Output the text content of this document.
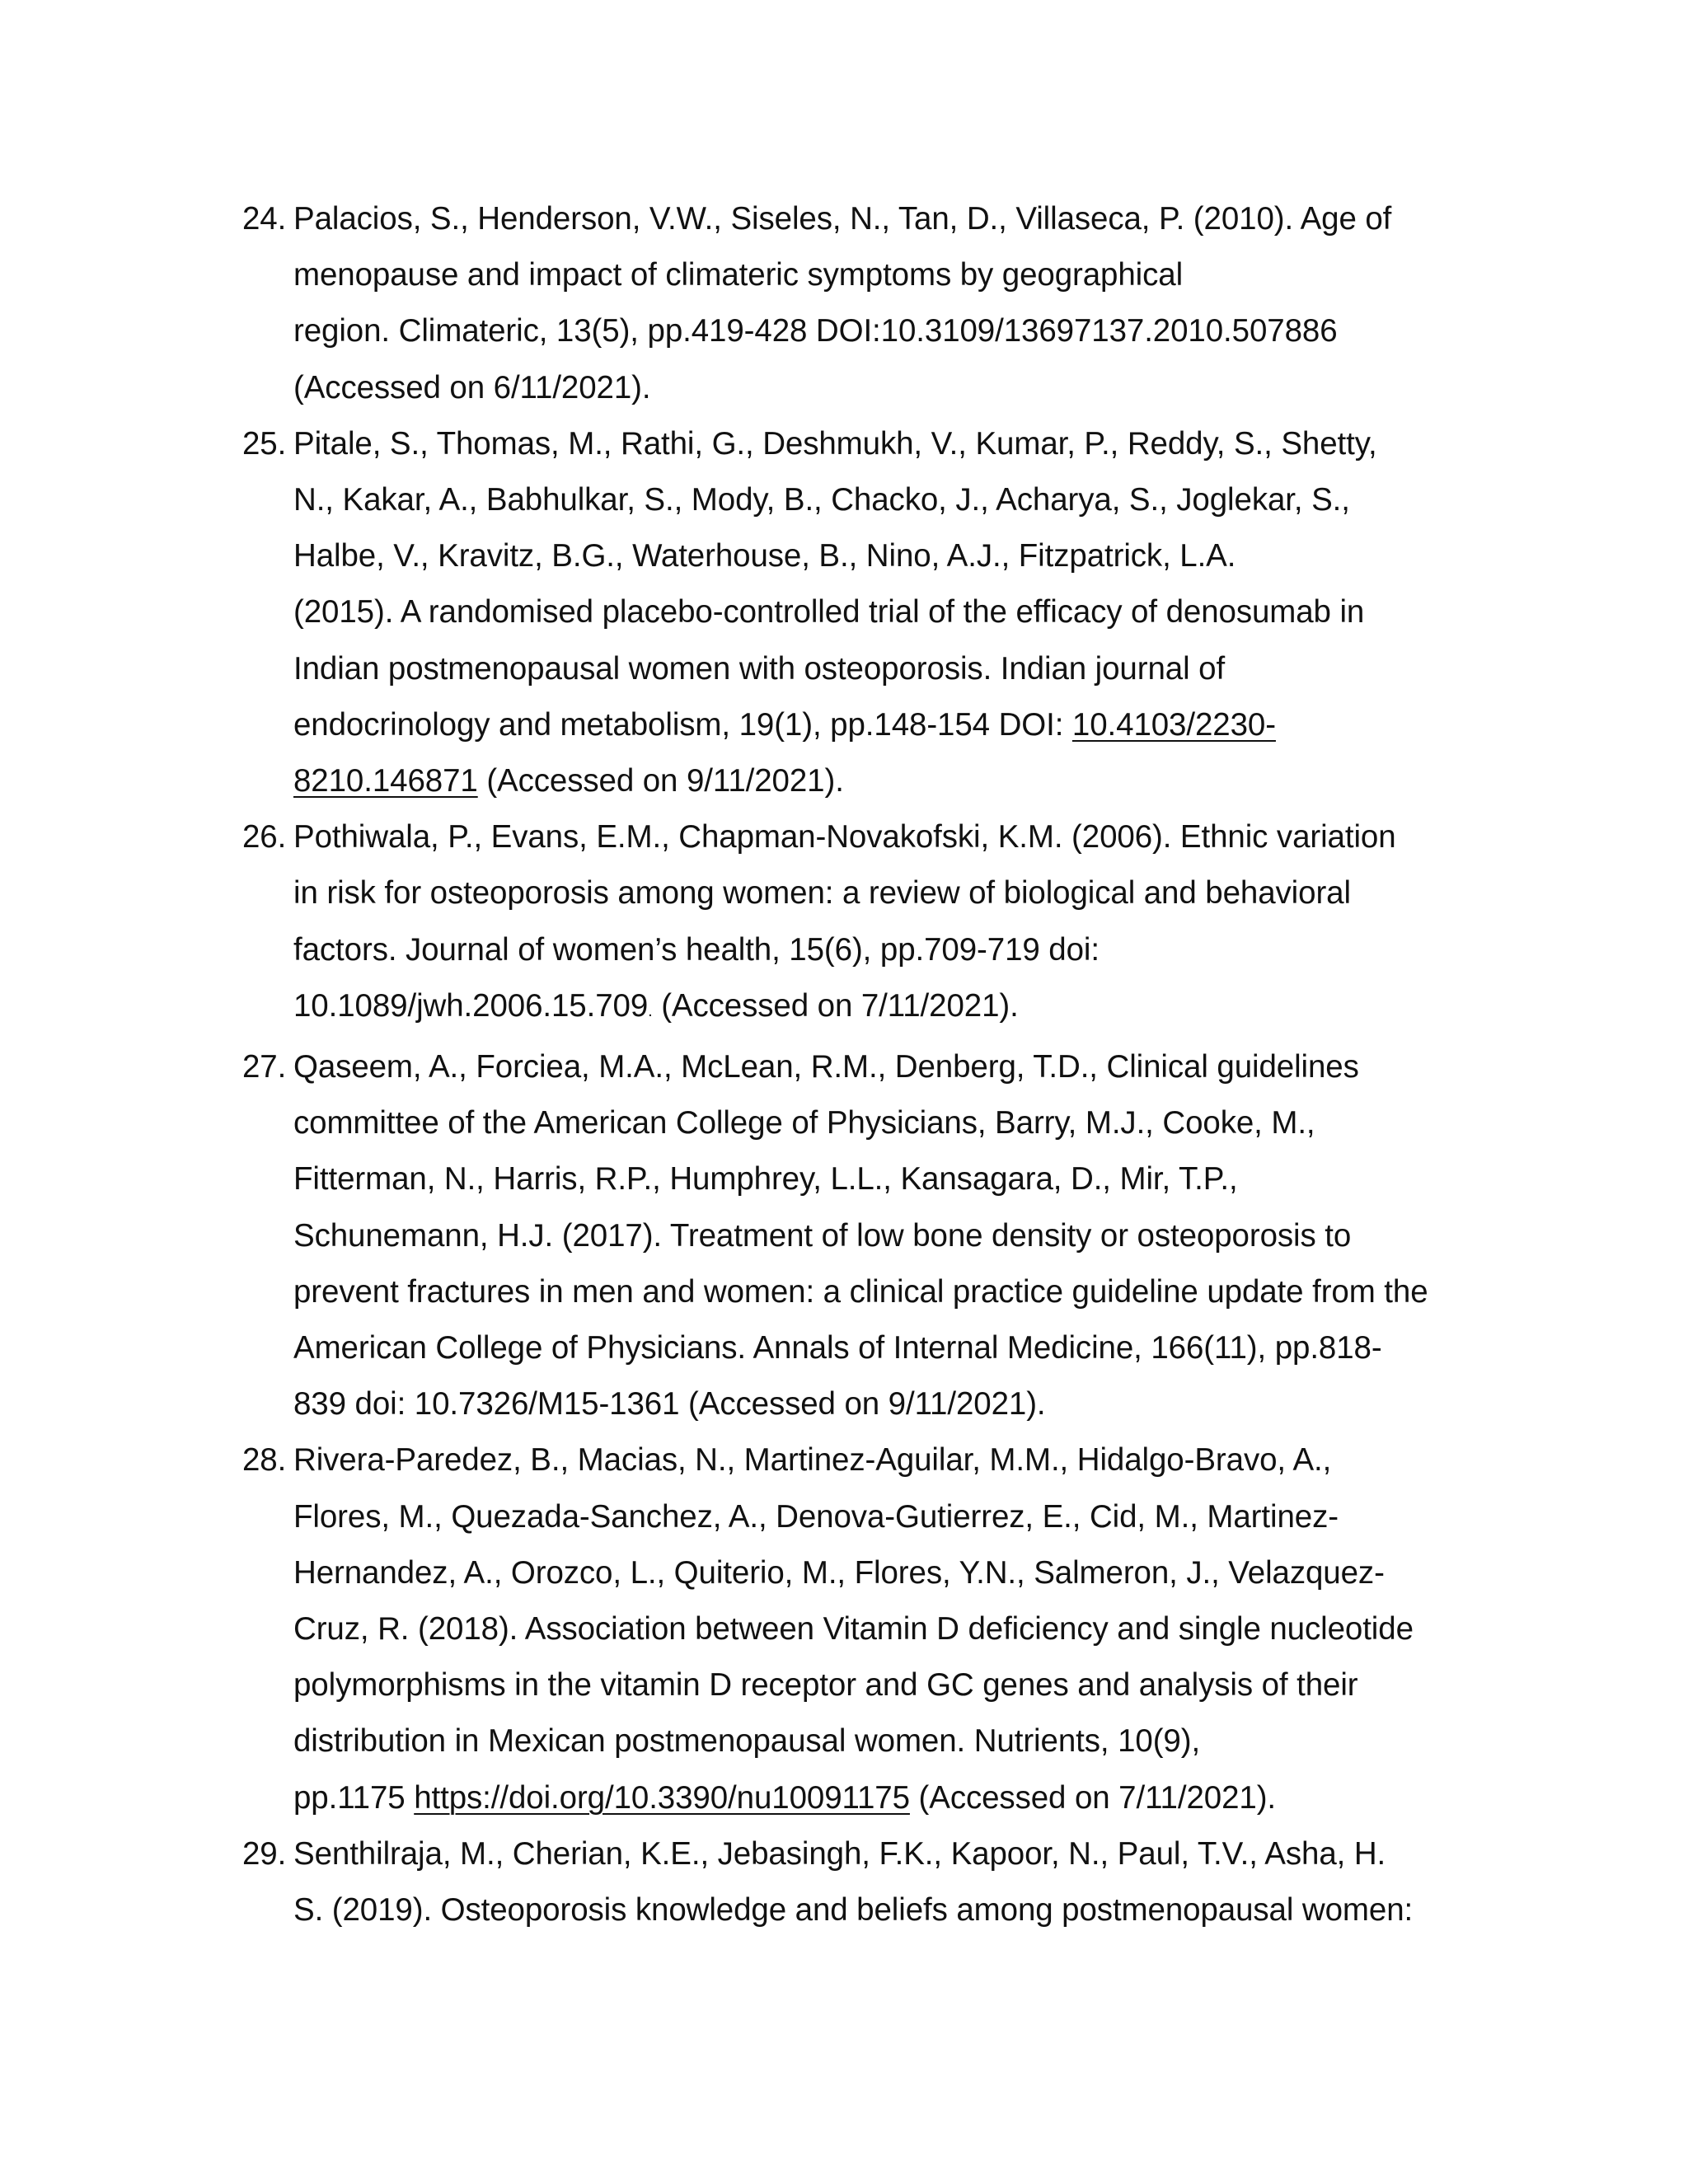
24. Palacios, S., Henderson, V.W., Siseles, N., Tan, D., Villaseca, P. (2010). Age of
menopause and impact of climateric symptoms by geographical
region. Climateric, 13(5), pp.419-428 DOI:10.3109/13697137.2010.507886
(Accessed on 6/11/2021).
25. Pitale, S., Thomas, M., Rathi, G., Deshmukh, V., Kumar, P., Reddy, S., Shetty,
N., Kakar, A., Babhulkar, S., Mody, B., Chacko, J., Acharya, S., Joglekar, S.,
Halbe, V., Kravitz, B.G., Waterhouse, B., Nino, A.J., Fitzpatrick, L.A.
(2015). A randomised placebo-controlled trial of the efficacy of denosumab in
Indian postmenopausal women with osteoporosis. Indian journal of
endocrinology and metabolism, 19(1), pp.148-154 DOI: 10.4103/2230-
8210.146871 (Accessed on 9/11/2021).
26. Pothiwala, P., Evans, E.M., Chapman-Novakofski, K.M. (2006). Ethnic variation
in risk for osteoporosis among women: a review of biological and behavioral
factors. Journal of women’s health, 15(6), pp.709-719 doi:
10.1089/jwh.2006.15.709. (Accessed on 7/11/2021).
27. Qaseem, A., Forciea, M.A., McLean, R.M., Denberg, T.D., Clinical guidelines
committee of the American College of Physicians, Barry, M.J., Cooke, M.,
Fitterman, N., Harris, R.P., Humphrey, L.L., Kansagara, D., Mir, T.P.,
Schunemann, H.J. (2017). Treatment of low bone density or osteoporosis to
prevent fractures in men and women: a clinical practice guideline update from the
American College of Physicians. Annals of Internal Medicine, 166(11), pp.818-
839 doi: 10.7326/M15-1361 (Accessed on 9/11/2021).
28. Rivera-Paredez, B., Macias, N., Martinez-Aguilar, M.M., Hidalgo-Bravo, A.,
Flores, M., Quezada-Sanchez, A., Denova-Gutierrez, E., Cid, M., Martinez-
Hernandez, A., Orozco, L., Quiterio, M., Flores, Y.N., Salmeron, J., Velazquez-
Cruz, R. (2018). Association between Vitamin D deficiency and single nucleotide
polymorphisms in the vitamin D receptor and GC genes and analysis of their
distribution in Mexican postmenopausal women. Nutrients, 10(9),
pp.1175 https://doi.org/10.3390/nu10091175 (Accessed on 7/11/2021).
29. Senthilraja, M., Cherian, K.E., Jebasingh, F.K., Kapoor, N., Paul, T.V., Asha, H.
S. (2019). Osteoporosis knowledge and beliefs among postmenopausal women:
